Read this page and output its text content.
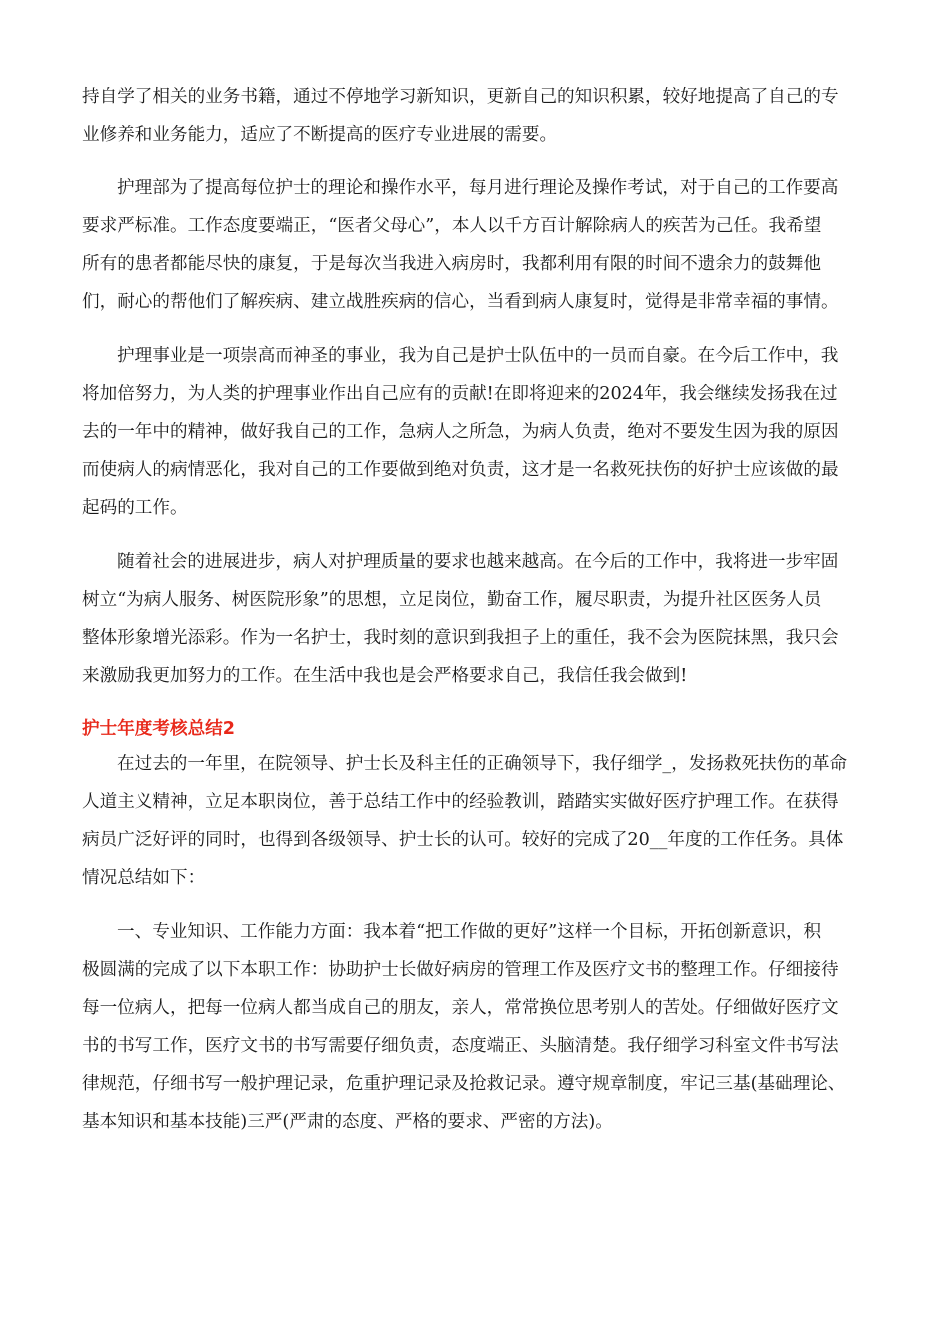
持自学了相关的业务书籍，通过不停地学习新知识，更新自己的知识积累，较好地提高了自己的专
业修养和业务能力，适应了不断提高的医疗专业进展的需要。
护理部为了提高每位护士的理论和操作水平，每月进行理论及操作考试，对于自己的工作要高
要求严标准。工作态度要端正，“医者父母心”，本人以千方百计解除病人的疾苦为己任。我希望
所有的患者都能尽快的康复，于是每次当我进入病房时，我都利用有限的时间不遗余力的鼓舞他
们，耐心的帮他们了解疾病、建立战胜疾病的信心，当看到病人康复时，觉得是非常幸福的事情。
护理事业是一项崇高而神圣的事业，我为自己是护士队伍中的一员而自豪。在今后工作中，我
将加倍努力，为人类的护理事业作出自己应有的贡献!在即将迎来的2024年，我会继续发扬我在过
去的一年中的精神，做好我自己的工作，急病人之所急，为病人负责，绝对不要发生因为我的原因
而使病人的病情恶化，我对自己的工作要做到绝对负责，这才是一名救死扶伤的好护士应该做的最
起码的工作。
随着社会的进展进步，病人对护理质量的要求也越来越高。在今后的工作中，我将进一步牢固
树立“为病人服务、树医院形象”的思想，立足岗位，勤奋工作，履尽职责，为提升社区医务人员
整体形象增光添彩。作为一名护士，我时刻的意识到我担子上的重任，我不会为医院抹黑，我只会
来激励我更加努力的工作。在生活中我也是会严格要求自己，我信任我会做到!
护士年度考核总结2
在过去的一年里，在院领导、护士长及科主任的正确领导下，我仔细学_，发扬救死扶伤的革命
人道主义精神，立足本职岗位，善于总结工作中的经验教训，踏踏实实做好医疗护理工作。在获得
病员广泛好评的同时，也得到各级领导、护士长的认可。较好的完成了20__年度的工作任务。具体
情况总结如下：
一、专业知识、工作能力方面：我本着“把工作做的更好”这样一个目标，开拓创新意识，积
极圆满的完成了以下本职工作：协助护士长做好病房的管理工作及医疗文书的整理工作。仔细接待
每一位病人，把每一位病人都当成自己的朋友，亲人，常常换位思考别人的苦处。仔细做好医疗文
书的书写工作，医疗文书的书写需要仔细负责，态度端正、头脑清楚。我仔细学习科室文件书写法
律规范，仔细书写一般护理记录，危重护理记录及抢救记录。遵守规章制度，牢记三基(基础理论、
基本知识和基本技能)三严(严肃的态度、严格的要求、严密的方法)。
